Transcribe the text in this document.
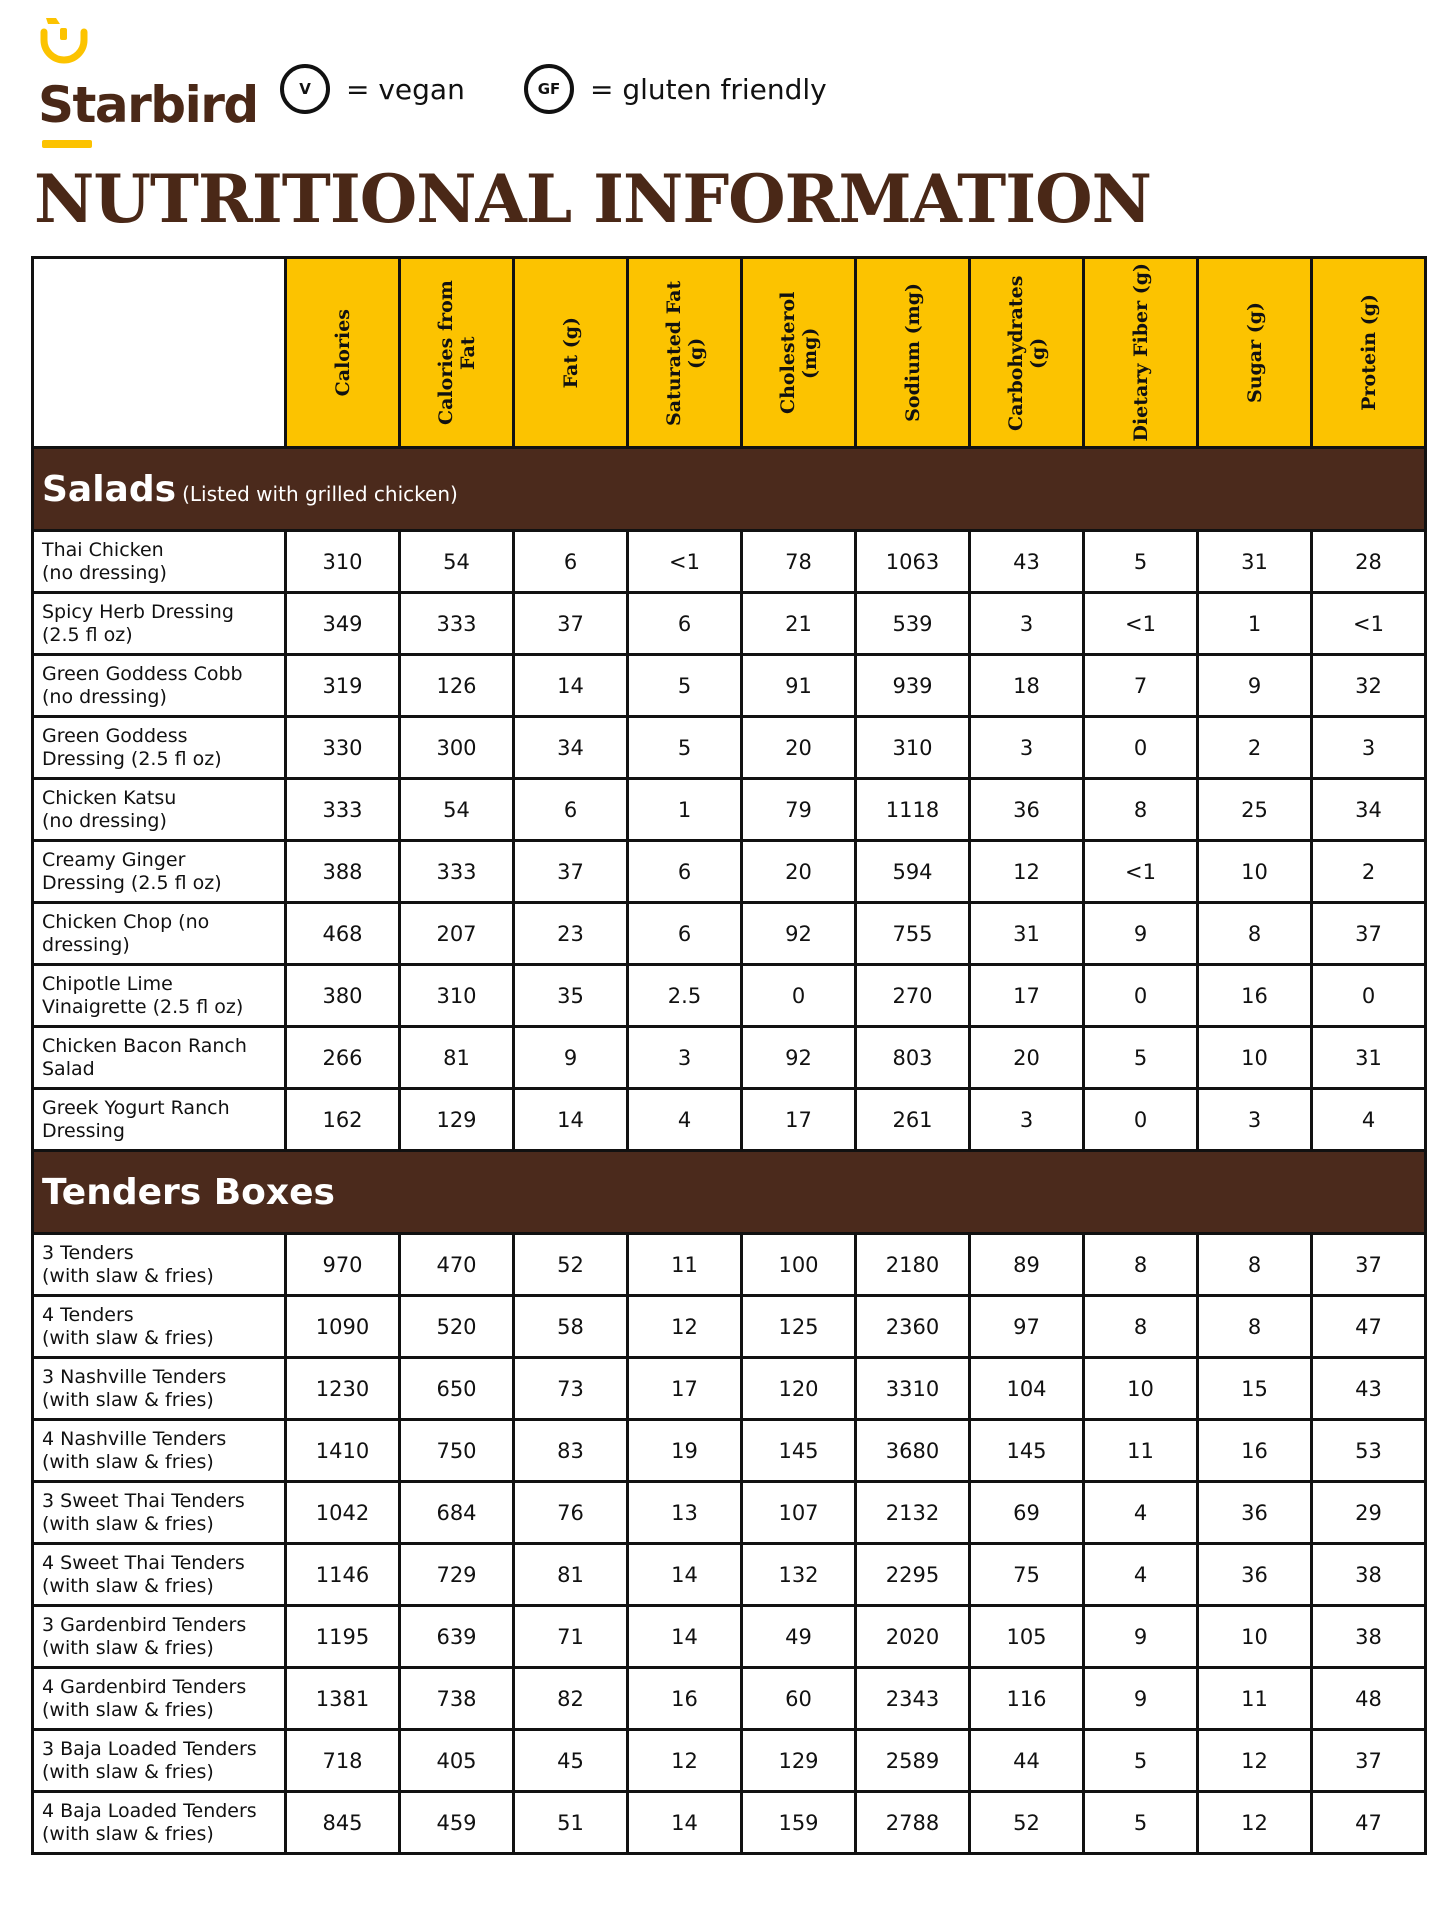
Starbird	V	= vegan	GF	= gluten friendly
NUTRITIONAL INFORMATION

	Calories	Calories from Fat	Fat (g)	Saturated Fat (g)	Cholesterol (mg)	Sodium (mg)	Carbohydrates (g)	Dietary Fiber (g)	Sugar (g)	Protein (g)

Salads (Listed with grilled chicken)										
Thai Chicken
(no dressing)	310	54	6	<1	78	1063	43	5	31	28
Spicy Herb Dressing
(2.5 fl oz)	349	333	37	6	21	539	3	<1	1	<1
Green Goddess Cobb
(no dressing)	319	126	14	5	91	939	18	7	9	32
Green Goddess
Dressing (2.5 fl oz)	330	300	34	5	20	310	3	0	2	3
Chicken Katsu
(no dressing)	333	54	6	1	79	1118	36	8	25	34
Creamy Ginger
Dressing (2.5 fl oz)	388	333	37	6	20	594	12	<1	10	2
Chicken Chop (no
dressing)	468	207	23	6	92	755	31	9	8	37
Chipotle Lime
Vinaigrette (2.5 fl oz)	380	310	35	2.5	0	270	17	0	16	0
Chicken Bacon Ranch
Salad	266	81	9	3	92	803	20	5	10	31
Greek Yogurt Ranch
Dressing	162	129	14	4	17	261	3	0	3	4
Tenders Boxes										
3 Tenders
(with slaw & fries)	970	470	52	11	100	2180	89	8	8	37
4 Tenders
(with slaw & fries)	1090	520	58	12	125	2360	97	8	8	47
3 Nashville Tenders
(with slaw & fries)	1230	650	73	17	120	3310	104	10	15	43
4 Nashville Tenders
(with slaw & fries)	1410	750	83	19	145	3680	145	11	16	53
3 Sweet Thai Tenders
(with slaw & fries)	1042	684	76	13	107	2132	69	4	36	29
4 Sweet Thai Tenders
(with slaw & fries)	1146	729	81	14	132	2295	75	4	36	38
3 Gardenbird Tenders
(with slaw & fries)	1195	639	71	14	49	2020	105	9	10	38
4 Gardenbird Tenders
(with slaw & fries)	1381	738	82	16	60	2343	116	9	11	48
3 Baja Loaded Tenders
(with slaw & fries)	718	405	45	12	129	2589	44	5	12	37
4 Baja Loaded Tenders
(with slaw & fries)	845	459	51	14	159	2788	52	5	12	47
